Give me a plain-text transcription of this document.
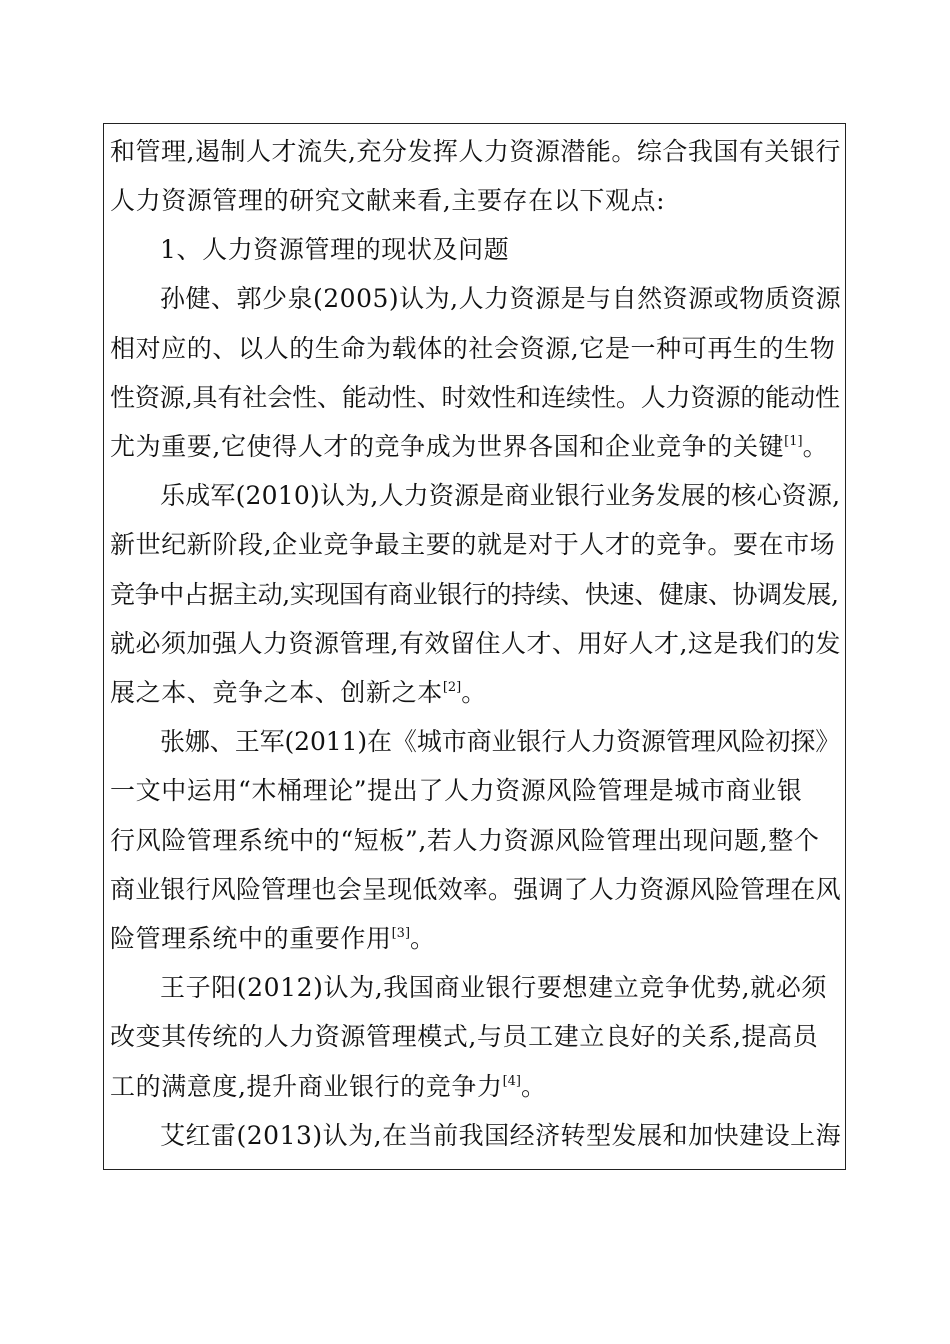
和管理,遏制人才流失,充分发挥人力资源潜能。综合我国有关银行
人力资源管理的研究文献来看,主要存在以下观点:
1、人力资源管理的现状及问题
孙健、郭少泉(2005)认为,人力资源是与自然资源或物质资源
相对应的、以人的生命为载体的社会资源,它是一种可再生的生物
性资源,具有社会性、能动性、时效性和连续性。人力资源的能动性
尤为重要,它使得人才的竞争成为世界各国和企业竞争的关键[1]。
乐成军(2010)认为,人力资源是商业银行业务发展的核心资源,
新世纪新阶段,企业竞争最主要的就是对于人才的竞争。要在市场
竞争中占据主动,实现国有商业银行的持续、快速、健康、协调发展,
就必须加强人力资源管理,有效留住人才、用好人才,这是我们的发
展之本、竞争之本、创新之本[2]。
张娜、王军(2011)在《城市商业银行人力资源管理风险初探》
一文中运用“木桶理论”提出了人力资源风险管理是城市商业银
行风险管理系统中的“短板”,若人力资源风险管理出现问题,整个
商业银行风险管理也会呈现低效率。强调了人力资源风险管理在风
险管理系统中的重要作用[3]。
王子阳(2012)认为,我国商业银行要想建立竞争优势,就必须
改变其传统的人力资源管理模式,与员工建立良好的关系,提高员
工的满意度,提升商业银行的竞争力[4]。
艾红雷(2013)认为,在当前我国经济转型发展和加快建设上海
